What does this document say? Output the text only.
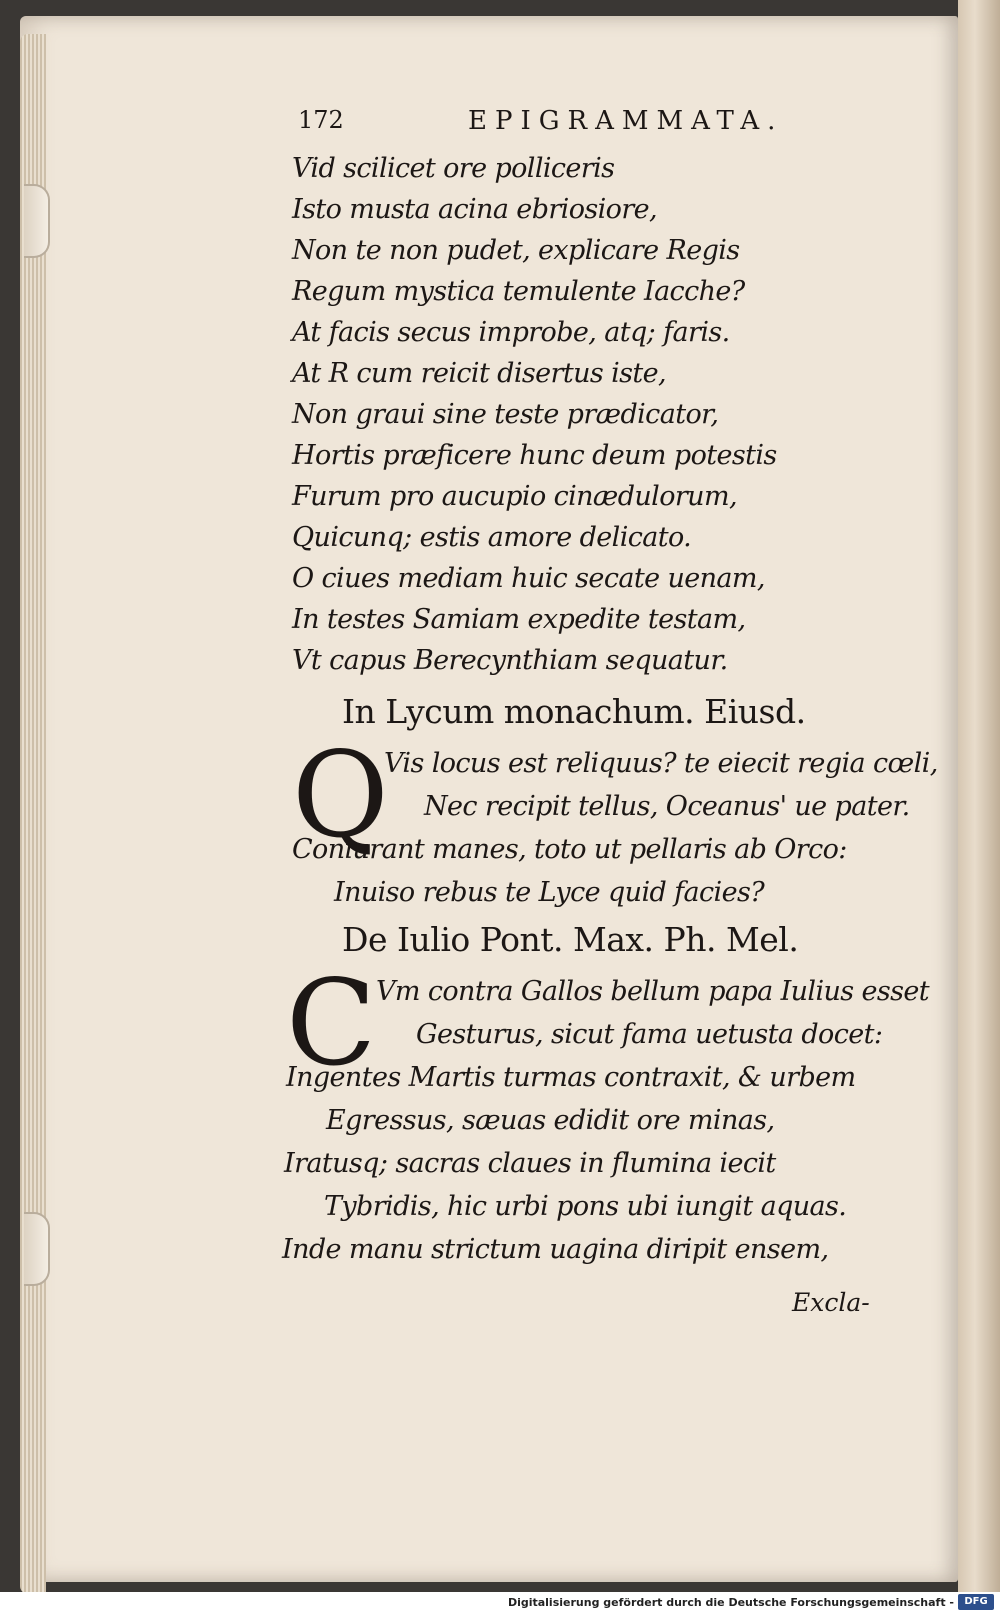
172	EPIGRAMMATA.
Vid scilicet ore polliceris
Isto musta acina ebriosiore,
Non te non pudet, explicare Regis
Regum mystica temulente Iacche?
At facis secus improbe, atq; faris.
At R cum reicit disertus iste,
Non graui sine teste prædicator,
Hortis præficere hunc deum potestis
Furum pro aucupio cinædulorum,
Quicunq; estis amore delicato.
O ciues mediam huic secate uenam,
In testes Samiam expedite testam,
Vt capus Berecynthiam sequatur.
In Lycum monachum. Eiusd.
Q
Vis locus est reliquus? te eiecit regia cœli,
Nec recipit tellus, Oceanus' ue pater.
Coniurant manes, toto ut pellaris ab Orco:
Inuiso rebus te Lyce quid facies?
De Iulio Pont. Max. Ph. Mel.
C Vm contra Gallos bellum papa Iulius esset
Gesturus, sicut fama uetusta docet:
Ingentes Martis turmas contraxit, & urbem
Egressus, sæuas edidit ore minas,
Iratusq; sacras claues in flumina iecit
Tybridis, hic urbi pons ubi iungit aquas.
Inde manu strictum uagina diripit ensem,
Excla-
Digitalisierung gefördert durch die Deutsche Forschungsgemeinschaft -	DFG
